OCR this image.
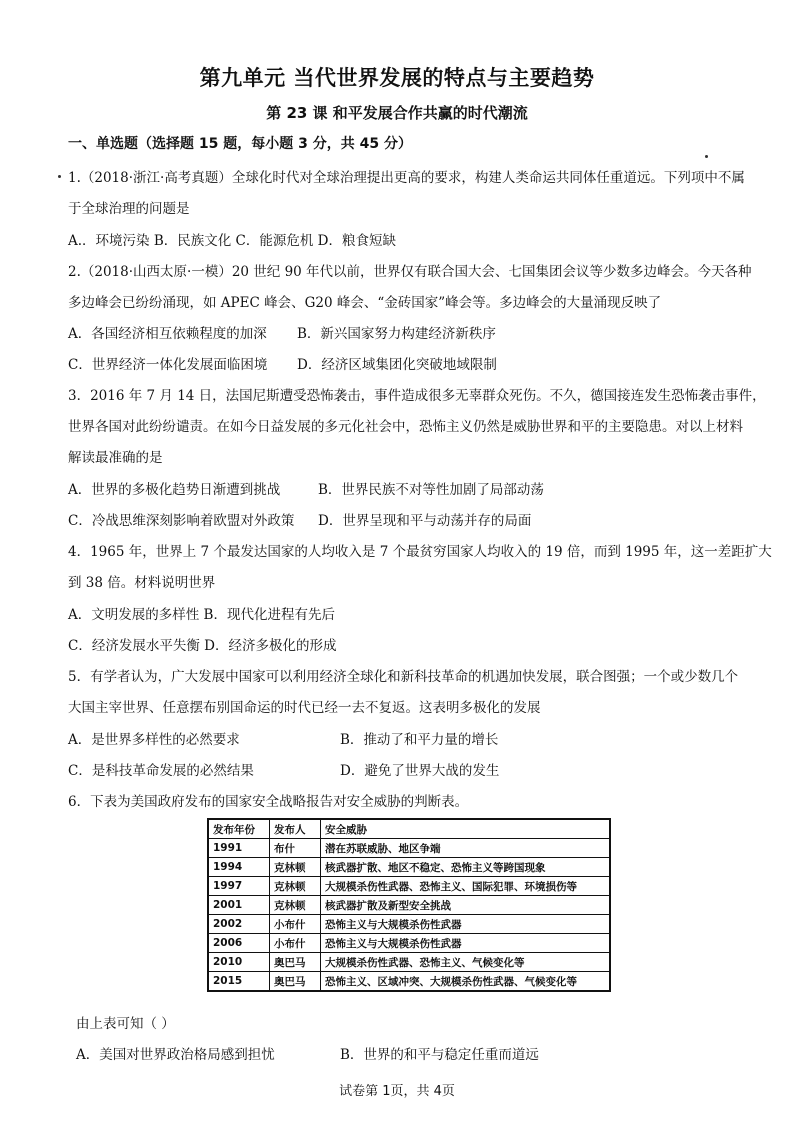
第九单元 当代世界发展的特点与主要趋势
第 23 课 和平发展合作共赢的时代潮流
一、单选题（选择题 15 题，每小题 3 分，共 45 分）
1.（2018·浙江·高考真题）全球化时代对全球治理提出更高的要求，构建人类命运共同体任重道远。下列项中不属
于全球治理的问题是
A.．环境污染 B．民族文化 C．能源危机 D．粮食短缺
2.（2018·山西太原·一模）20 世纪 90 年代以前，世界仅有联合国大会、七国集团会议等少数多边峰会。今天各种
多边峰会已纷纷涌现，如 APEC 峰会、G20 峰会、“金砖国家”峰会等。多边峰会的大量涌现反映了
A．各国经济相互依赖程度的加深 B．新兴国家努力构建经济新秩序
C．世界经济一体化发展面临困境 D．经济区域集团化突破地域限制
3．2016 年 7 月 14 日，法国尼斯遭受恐怖袭击，事件造成很多无辜群众死伤。不久，德国接连发生恐怖袭击事件，
世界各国对此纷纷谴责。在如今日益发展的多元化社会中，恐怖主义仍然是威胁世界和平的主要隐患。对以上材料
解读最准确的是
A．世界的多极化趋势日渐遭到挑战	B．世界民族不对等性加剧了局部动荡
C．冷战思维深刻影响着欧盟对外政策 D．世界呈现和平与动荡并存的局面
4．1965 年，世界上 7 个最发达国家的人均收入是 7 个最贫穷国家人均收入的 19 倍，而到 1995 年，这一差距扩大
到 38 倍。材料说明世界
A．文明发展的多样性 B．现代化进程有先后
C．经济发展水平失衡 D．经济多极化的形成
5．有学者认为，广大发展中国家可以利用经济全球化和新科技革命的机遇加快发展，联合图强；一个或少数几个
大国主宰世界、任意摆布别国命运的时代已经一去不复返。这表明多极化的发展
A．是世界多样性的必然要求	B．推动了和平力量的增长
C．是科技革命发展的必然结果	D．避免了世界大战的发生
6．下表为美国政府发布的国家安全战略报告对安全威胁的判断表。
发布年份	发布人	安全威胁
1991	布什	潜在苏联威胁、地区争端
1994	克林顿	核武器扩散、地区不稳定、恐怖主义等跨国现象
1997	克林顿	大规模杀伤性武器、恐怖主义、国际犯罪、环境损伤等
2001	克林顿	核武器扩散及新型安全挑战
2002	小布什	恐怖主义与大规模杀伤性武器
2006	小布什	恐怖主义与大规模杀伤性武器
2010	奥巴马	大规模杀伤性武器、恐怖主义、气候变化等
2015	奥巴马	恐怖主义、区域冲突、大规模杀伤性武器、气候变化等
由上表可知（ ）
A．美国对世界政治格局感到担忧	B．世界的和平与稳定任重而道远
试卷第 1页，共 4页
